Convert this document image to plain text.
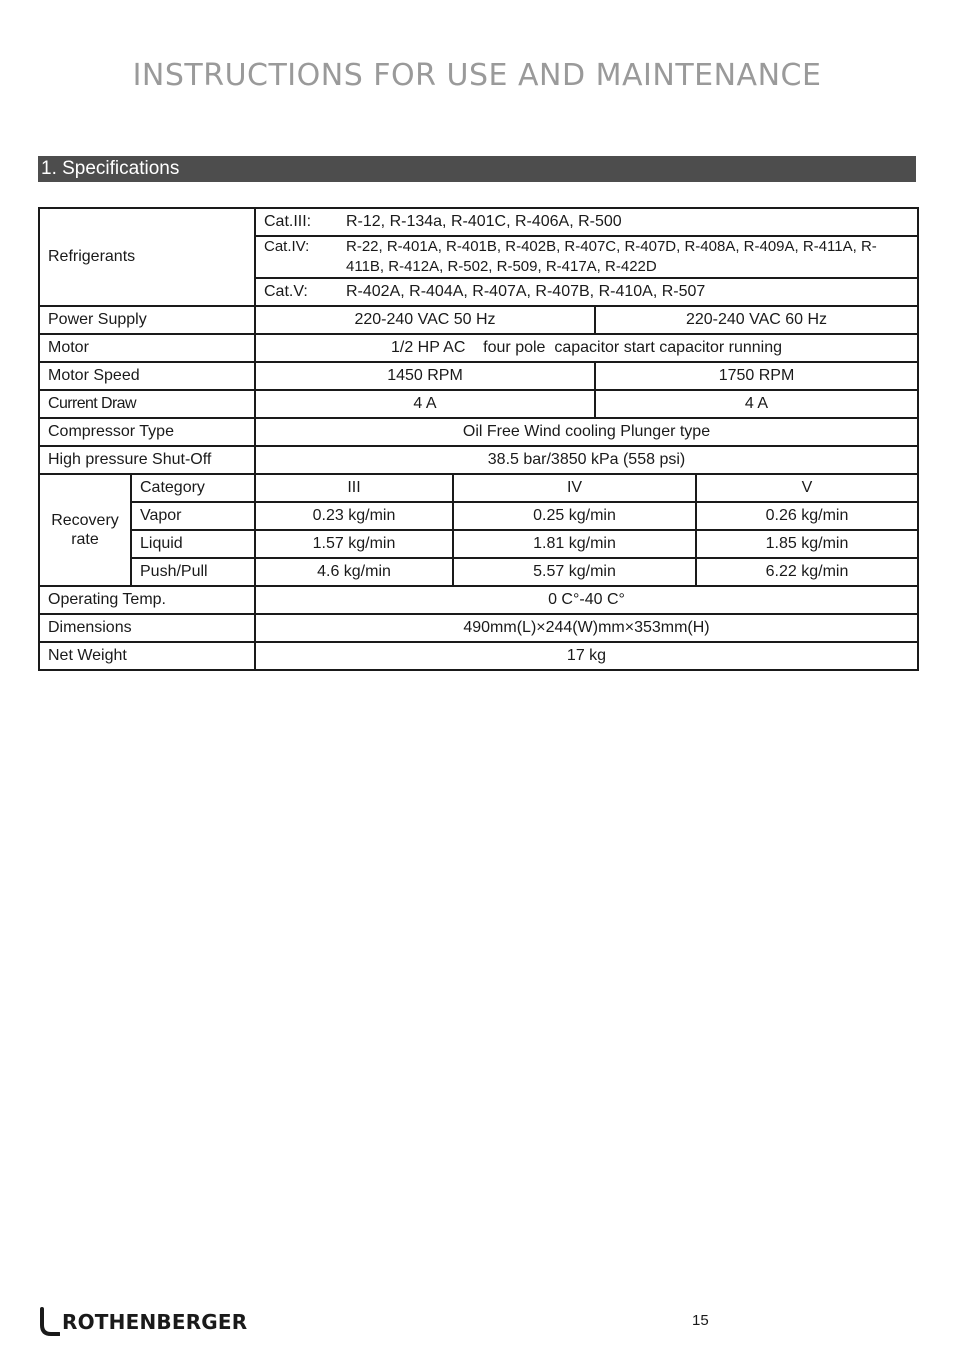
INSTRUCTIONS FOR USE AND MAINTENANCE
1. Specifications
Refrigerants		Cat.III: R-12, R-134a, R-401C, R-406A, R-500			

		Cat.IV: R-22, R-401A, R-401B, R-402B, R-407C, R-407D, R-408A, R-409A, R-411A, R-411B, R-412A, R-502, R-509, R-417A, R-422D			

		Cat.V: R-402A, R-404A, R-407A, R-407B, R-410A, R-507			

Power Supply		220-240 VAC 50 Hz		220-240 VAC 60 Hz	
Motor		1/2 HP AC    four pole  capacitor start capacitor running			
Motor Speed		1450 RPM		1750 RPM	
Current Draw		4 A		4 A	
Compressor Type		Oil Free Wind cooling Plunger type			
High pressure Shut-Off		38.5 bar/3850 kPa (558 psi)			

Recovery
rate	Category	III	IV		V
	Vapor	0.23 kg/min	0.25 kg/min		0.26 kg/min
	Liquid	1.57 kg/min	1.81 kg/min		1.85 kg/min
	Push/Pull	4.6 kg/min	5.57 kg/min		6.22 kg/min
Operating Temp.		0 C°-40 C°			
Dimensions		490mm(L)×244(W)mm×353mm(H)			
Net Weight		17 kg			
ROTHENBERGER	15
